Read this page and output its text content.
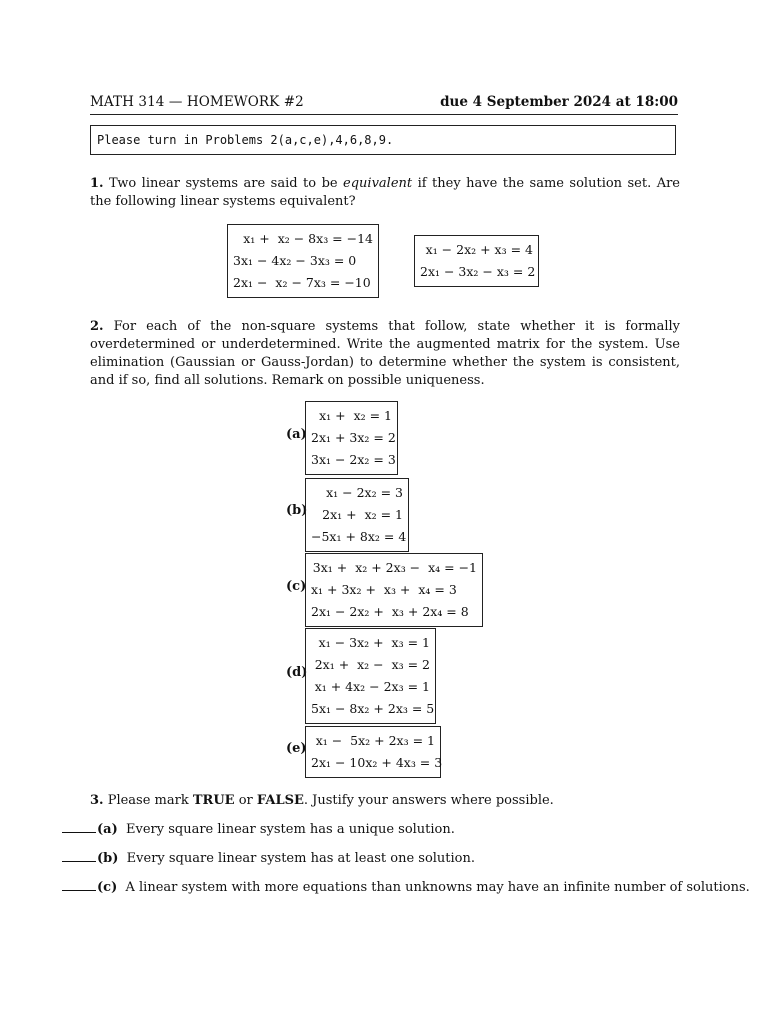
MATH 314 — HOMEWORK #2	due 4 September 2024 at 18:00
Please turn in Problems 2(a,c,e),4,6,8,9.
1. Two linear systems are said to be equivalent if they have the same solution set. Are the following linear systems equivalent?
x₁ +  x₂ − 8x₃ = −14
3x₁ − 4x₂ − 3x₃ = 0
2x₁ −  x₂ − 7x₃ = −10
x₁ − 2x₂ + x₃ = 4
2x₁ − 3x₂ − x₃ = 2
2. For each of the non-square systems that follow, state whether it is formally overdetermined or underdetermined. Write the augmented matrix for the system. Use elimination (Gaussian or Gauss-Jordan) to determine whether the system is consistent, and if so, find all solutions. Remark on possible uniqueness.
(a)
x₁ +  x₂ = 1
2x₁ + 3x₂ = 2
3x₁ − 2x₂ = 3
(b)
x₁ − 2x₂ = 3
2x₁ +  x₂ = 1
−5x₁ + 8x₂ = 4
(c)
3x₁ +  x₂ + 2x₃ −  x₄ = −1
x₁ + 3x₂ +  x₃ +  x₄ = 3
2x₁ − 2x₂ +  x₃ + 2x₄ = 8
(d)
x₁ − 3x₂ +  x₃ = 1
2x₁ +  x₂ −  x₃ = 2
x₁ + 4x₂ − 2x₃ = 1
5x₁ − 8x₂ + 2x₃ = 5
(e)
x₁ −  5x₂ + 2x₃ = 1
2x₁ − 10x₂ + 4x₃ = 3
3. Please mark TRUE or FALSE. Justify your answers where possible.
(a) Every square linear system has a unique solution.
(b) Every square linear system has at least one solution.
(c) A linear system with more equations than unknowns may have an infinite number of solutions.
